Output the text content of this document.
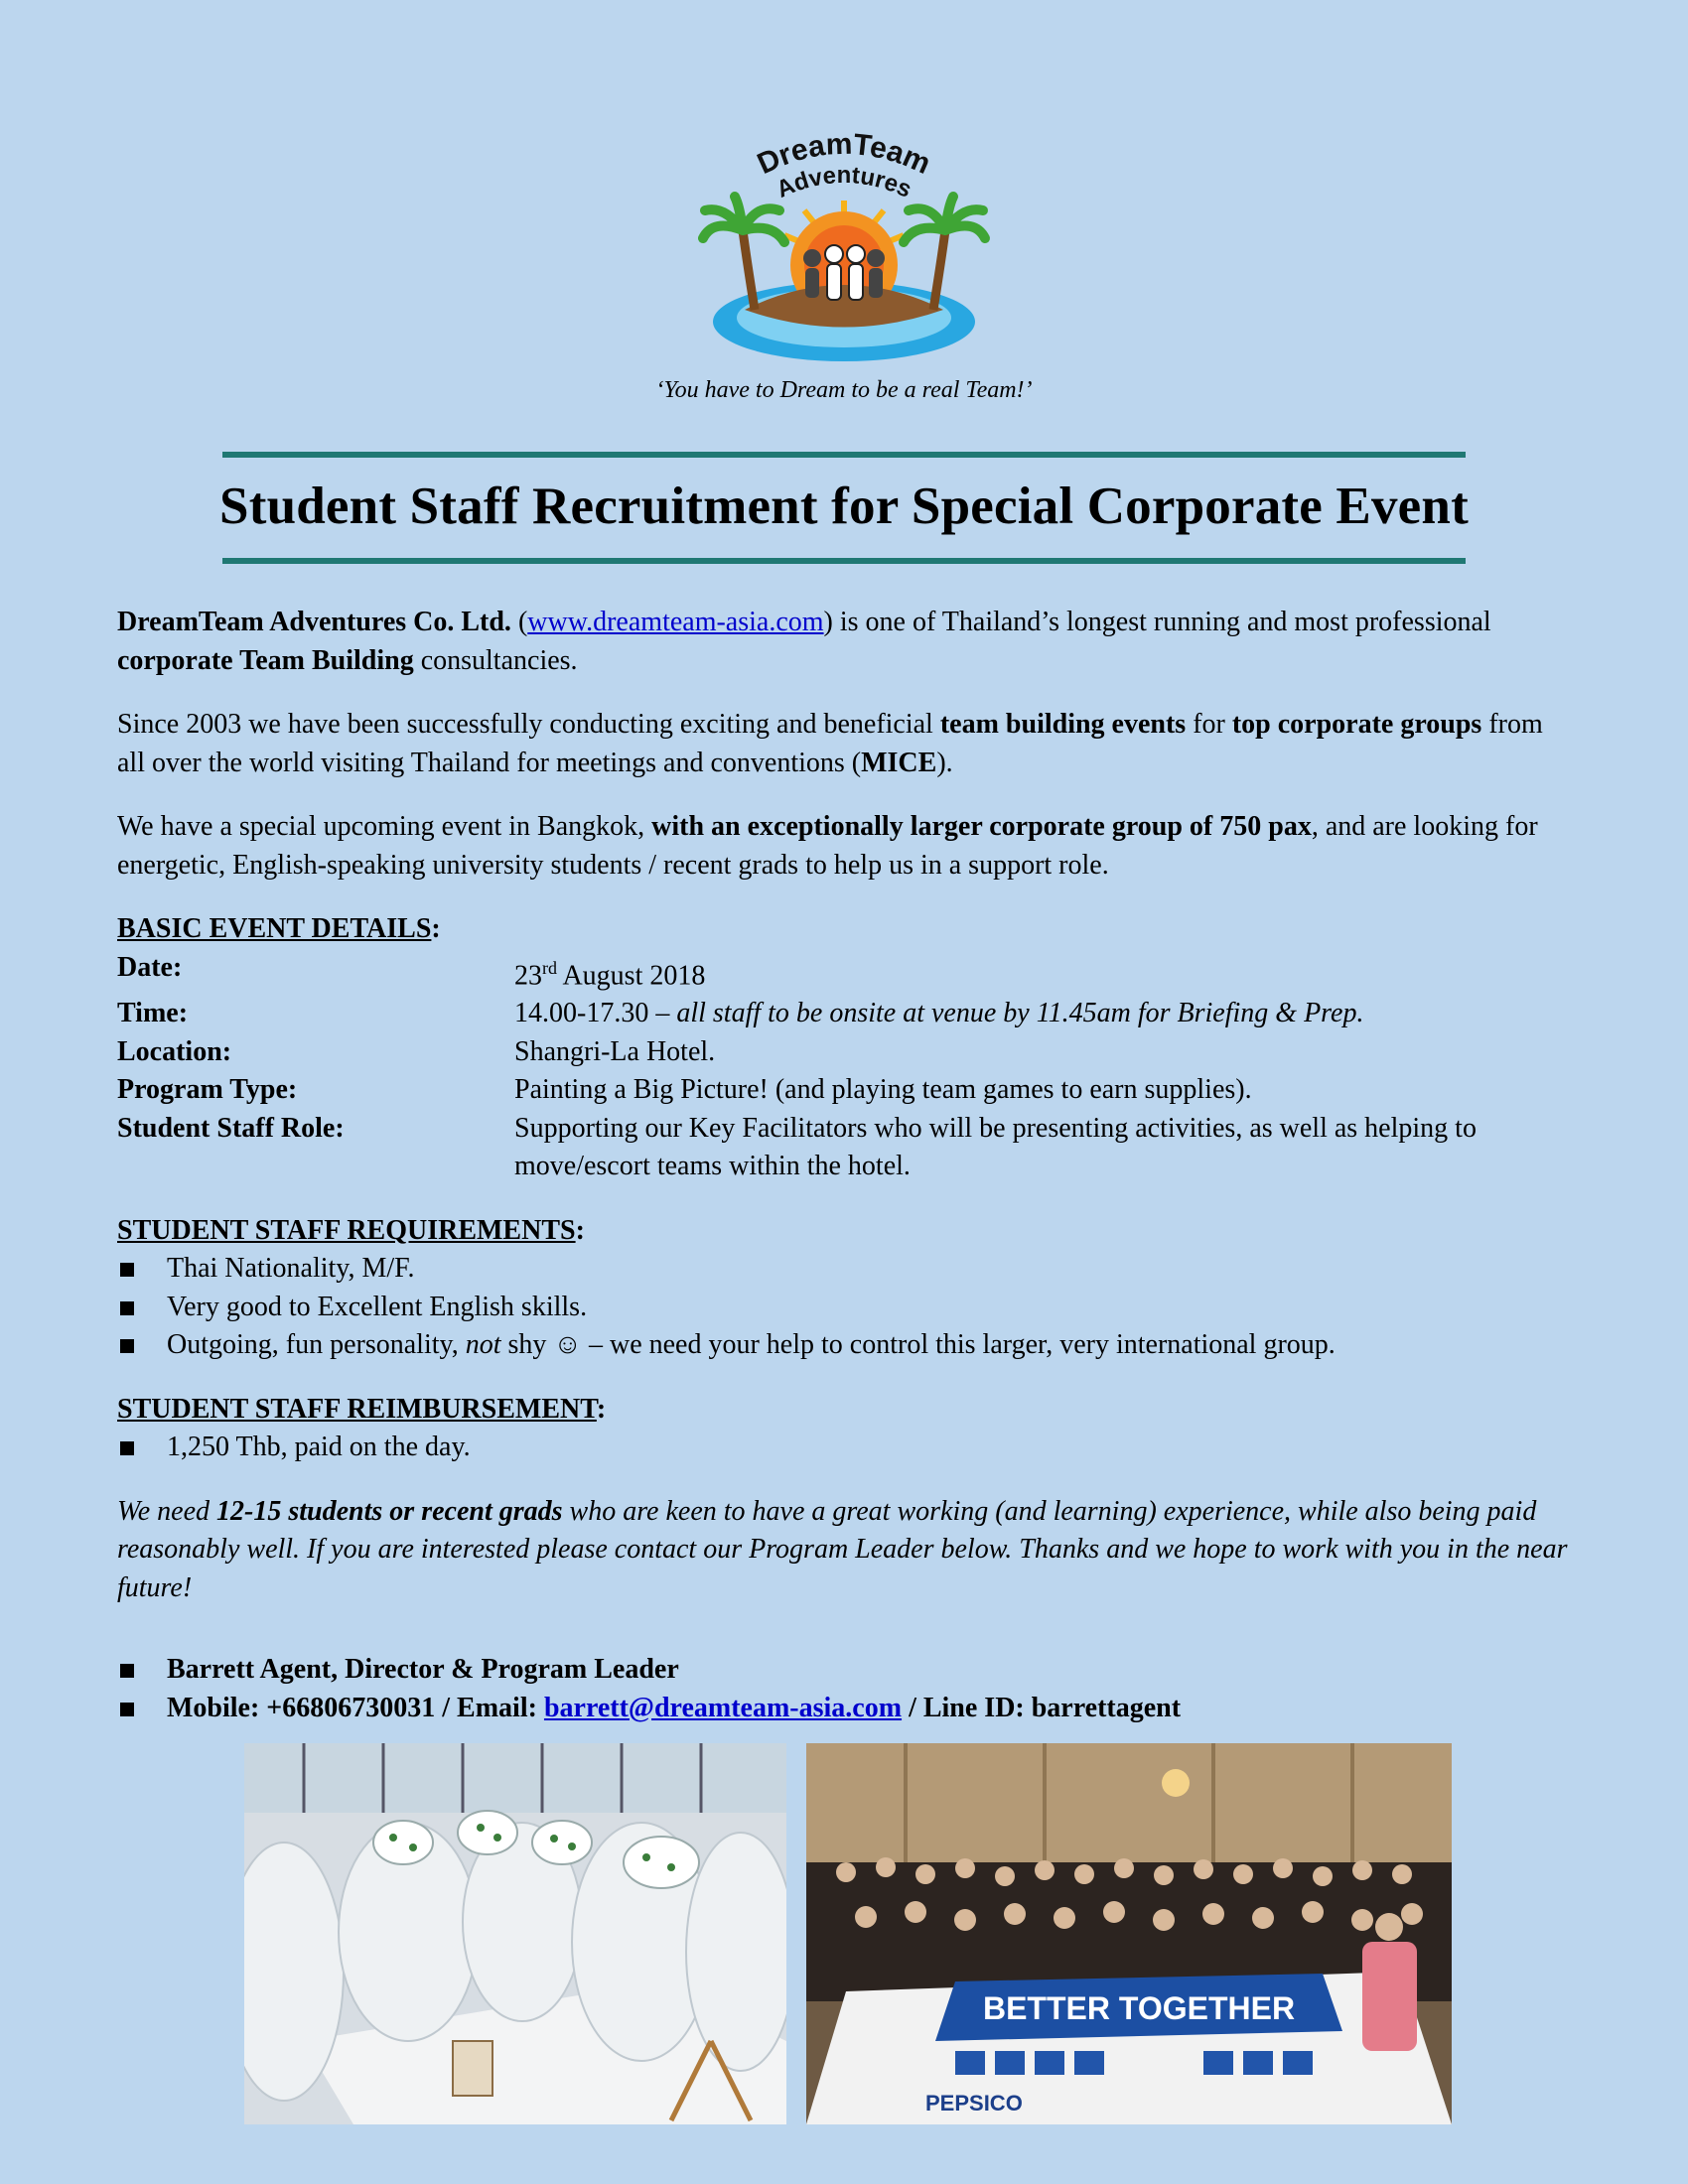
DreamTeam
Adventures
‘You have to Dream to be a real Team!’
Student Staff Recruitment for Special Corporate Event

DreamTeam Adventures Co. Ltd. (www.dreamteam-asia.com) is one of Thailand’s longest running and most professional corporate Team Building consultancies.

Since 2003 we have been successfully conducting exciting and beneficial team building events for top corporate groups from all over the world visiting Thailand for meetings and conventions (MICE).

We have a special upcoming event in Bangkok, with an exceptionally larger corporate group of 750 pax, and are looking for energetic, English-speaking university students / recent grads to help us in a support role.

BASIC EVENT DETAILS:
Date:	23rd August 2018
Time:	14.00-17.30 – all staff to be onsite at venue by 11.45am for Briefing & Prep.
Location:	Shangri-La Hotel.
Program Type:	Painting a Big Picture! (and playing team games to earn supplies).
Student Staff Role:	Supporting our Key Facilitators who will be presenting activities, as well as helping to move/escort teams within the hotel.
STUDENT STAFF REQUIREMENTS:
Thai Nationality, M/F.
Very good to Excellent English skills.
Outgoing, fun personality, not shy ☺ – we need your help to control this larger, very international group.
STUDENT STAFF REIMBURSEMENT:
1,250 Thb, paid on the day.

We need 12-15 students or recent grads who are keen to have a great working (and learning) experience, while also being paid reasonably well. If you are interested please contact our Program Leader below. Thanks and we hope to work with you in the near future!

Barrett Agent, Director & Program Leader
Mobile: +66806730031 / Email: barrett@dreamteam-asia.com / Line ID: barrettagent
BETTER TOGETHER
PEPSICO
